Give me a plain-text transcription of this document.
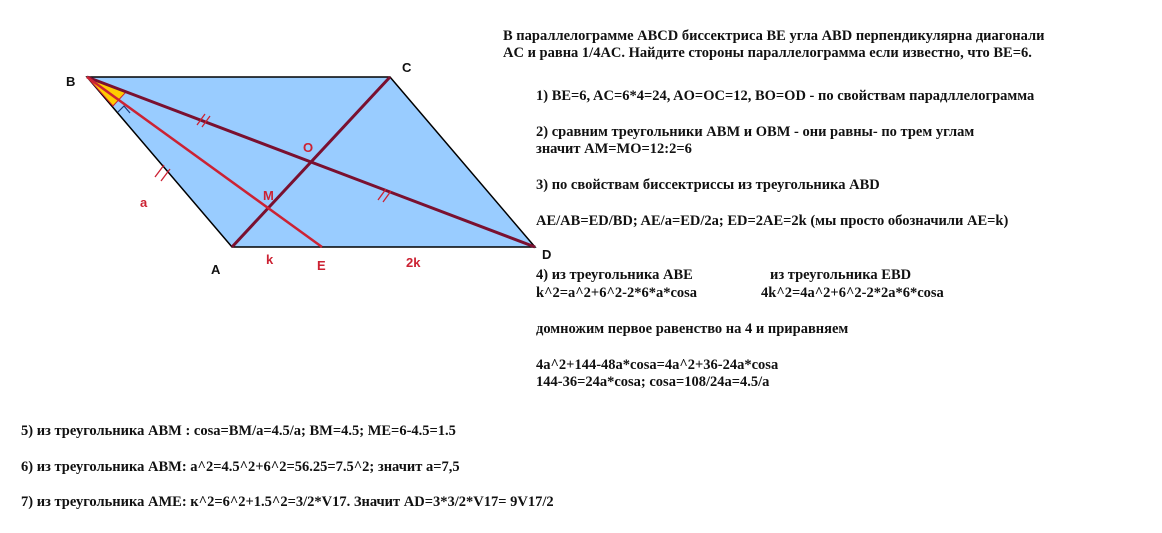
B
C
A
D
O
M
E
a
k	2k
В параллелограмме ABCD биссектриса BE угла ABD перпендикулярна диагонали
AC и равна 1/4AC. Найдите стороны параллелограмма если известно, что BE=6.
1) BE=6, AC=6*4=24, AO=OC=12, BO=OD - по свойствам парадллелограмма
2) сравним треугольники ABM и OBM - они равны- по трем углам
значит AM=MO=12:2=6
3) по свойствам биссектриссы из треугольника ABD
AE/AB=ED/BD; AE/a=ED/2a; ED=2AE=2k (мы просто обозначили AE=k)
4) из треугольника ABE	из треугольника EBD
k^2=a^2+6^2-2*6*a*cosa	4k^2=4a^2+6^2-2*2a*6*cosa
домножим первое равенство на 4 и приравняем
4a^2+144-48a*cosa=4a^2+36-24a*cosa
144-36=24a*cosa; cosa=108/24a=4.5/a
5) из треугольника ABM : cosa=BM/a=4.5/a; BM=4.5; ME=6-4.5=1.5
6) из треугольника ABM: a^2=4.5^2+6^2=56.25=7.5^2; значит a=7,5
7) из треугольника AME: к^2=6^2+1.5^2=3/2*V17. Значит AD=3*3/2*V17= 9V17/2
